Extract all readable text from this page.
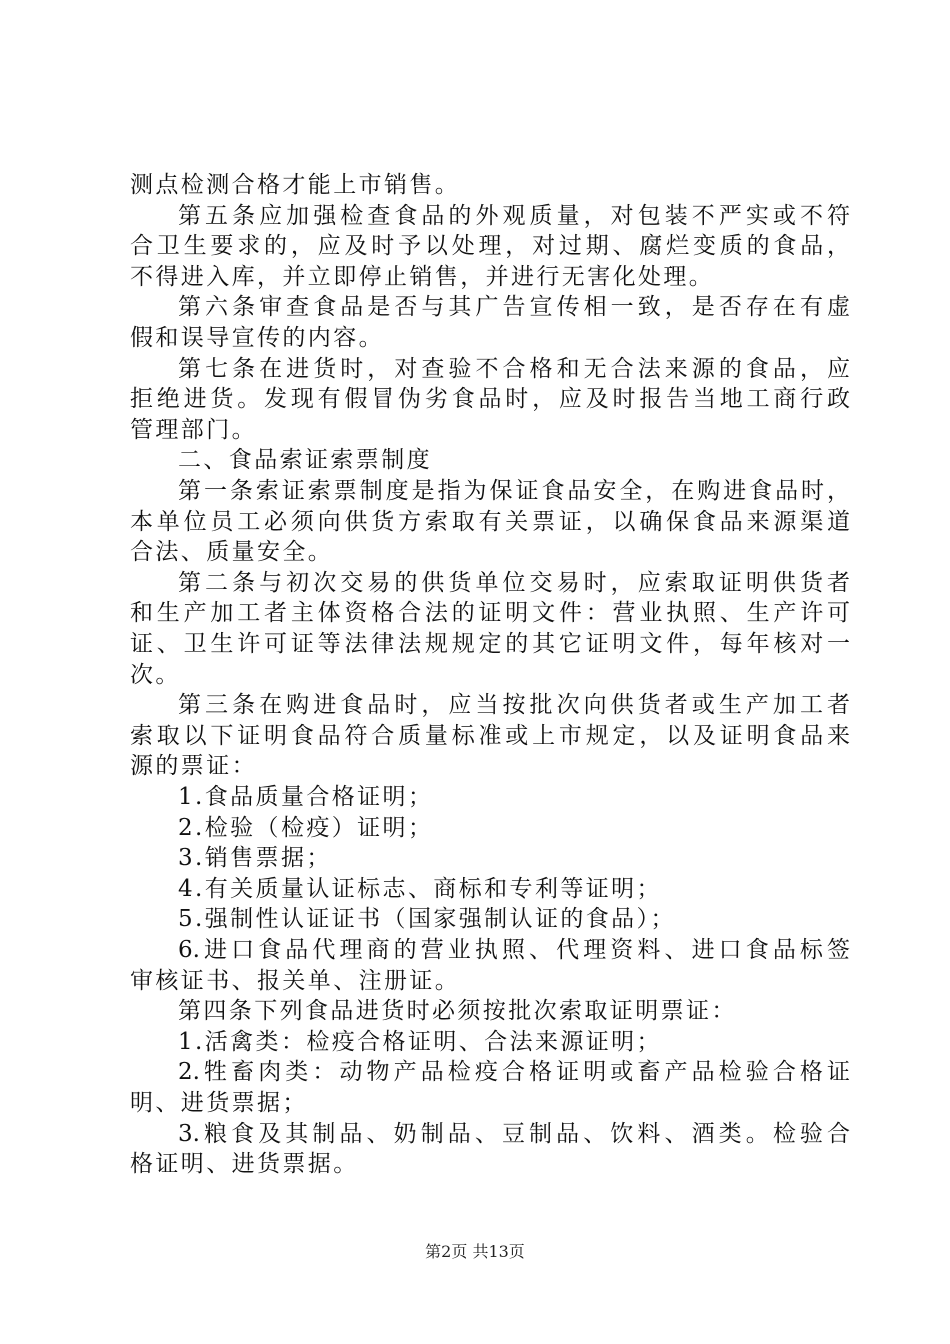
测点检测合格才能上市销售。
第五条应加强检查食品的外观质量，对包装不严实或不符
合卫生要求的，应及时予以处理，对过期、腐烂变质的食品，
不得进入库，并立即停止销售，并进行无害化处理。
第六条审查食品是否与其广告宣传相一致，是否存在有虚
假和误导宣传的内容。
第七条在进货时，对查验不合格和无合法来源的食品，应
拒绝进货。发现有假冒伪劣食品时，应及时报告当地工商行政
管理部门。
二、食品索证索票制度
第一条索证索票制度是指为保证食品安全，在购进食品时，
本单位员工必须向供货方索取有关票证，以确保食品来源渠道
合法、质量安全。
第二条与初次交易的供货单位交易时，应索取证明供货者
和生产加工者主体资格合法的证明文件：营业执照、生产许可
证、卫生许可证等法律法规规定的其它证明文件，每年核对一
次。
第三条在购进食品时，应当按批次向供货者或生产加工者
索取以下证明食品符合质量标准或上市规定，以及证明食品来
源的票证：
1.食品质量合格证明；
2.检验（检疫）证明；
3.销售票据；
4.有关质量认证标志、商标和专利等证明；
5.强制性认证证书（国家强制认证的食品）；
6.进口食品代理商的营业执照、代理资料、进口食品标签
审核证书、报关单、注册证。
第四条下列食品进货时必须按批次索取证明票证：
1.活禽类：检疫合格证明、合法来源证明；
2.牲畜肉类：动物产品检疫合格证明或畜产品检验合格证
明、进货票据；
3.粮食及其制品、奶制品、豆制品、饮料、酒类。检验合
格证明、进货票据。
第2页 共13页
